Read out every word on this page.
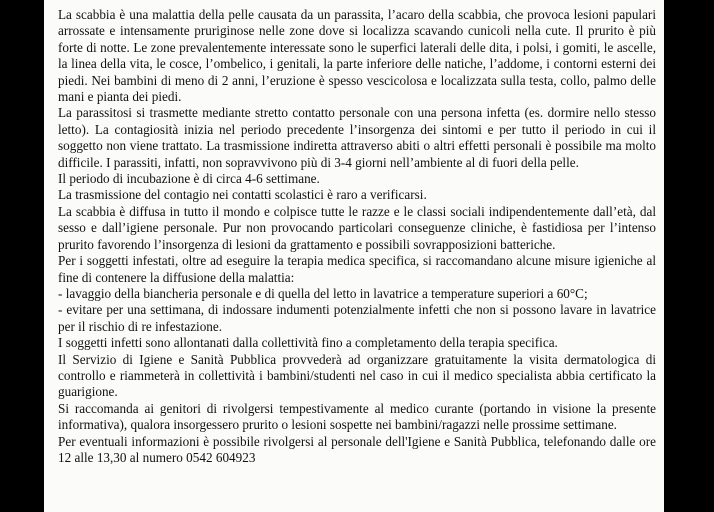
La scabbia è una malattia della pelle causata da un parassita, l’acaro della scabbia, che provoca lesioni papulari arrossate e intensamente pruriginose nelle zone dove si localizza scavando cunicoli nella cute. Il prurito è più forte di notte. Le zone prevalentemente interessate sono le superfici laterali delle dita, i polsi, i gomiti, le ascelle, la linea della vita, le cosce, l’ombelico, i genitali, la parte inferiore delle natiche, l’addome, i contorni esterni dei piedi. Nei bambini di meno di 2 anni, l’eruzione è spesso vescicolosa e localizzata sulla testa, collo, palmo delle mani e pianta dei piedi.

La parassitosi si trasmette mediante stretto contatto personale con una persona infetta (es. dormire nello stesso letto). La contagiosità inizia nel periodo precedente l’insorgenza dei sintomi e per tutto il periodo in cui il soggetto non viene trattato. La trasmissione indiretta attraverso abiti o altri effetti personali è possibile ma molto difficile. I parassiti, infatti, non sopravvivono più di 3-4 giorni nell’ambiente al di fuori della pelle.

Il periodo di incubazione è di circa 4-6 settimane.

La trasmissione del contagio nei contatti scolastici è raro a verificarsi.

La scabbia è diffusa in tutto il mondo e colpisce tutte le razze e le classi sociali indipendentemente dall’età, dal sesso e dall’igiene personale. Pur non provocando particolari conseguenze cliniche, è fastidiosa per l’intenso prurito favorendo l’insorgenza di lesioni da grattamento e possibili sovrapposizioni batteriche.

Per i soggetti infestati, oltre ad eseguire la terapia medica specifica, si raccomandano alcune misure igieniche al fine di contenere la diffusione della malattia:

- lavaggio della biancheria personale e di quella del letto in lavatrice a temperature superiori a 60°C;

- evitare per una settimana, di indossare indumenti potenzialmente infetti che non si possono lavare in lavatrice per il rischio di re infestazione.

I soggetti infetti sono allontanati dalla collettività fino a completamento della terapia specifica.

Il Servizio di Igiene e Sanità Pubblica provvederà ad organizzare gratuitamente la visita dermatologica di controllo e riammeterà in collettività i bambini/studenti nel caso in cui il medico specialista abbia certificato la guarigione.

Si raccomanda ai genitori di rivolgersi tempestivamente al medico curante (portando in visione la presente informativa), qualora insorgessero prurito o lesioni sospette nei bambini/ragazzi nelle prossime settimane.

Per eventuali informazioni è possibile rivolgersi al personale dell'Igiene e Sanità Pubblica, telefonando dalle ore 12 alle 13,30 al numero 0542 604923
